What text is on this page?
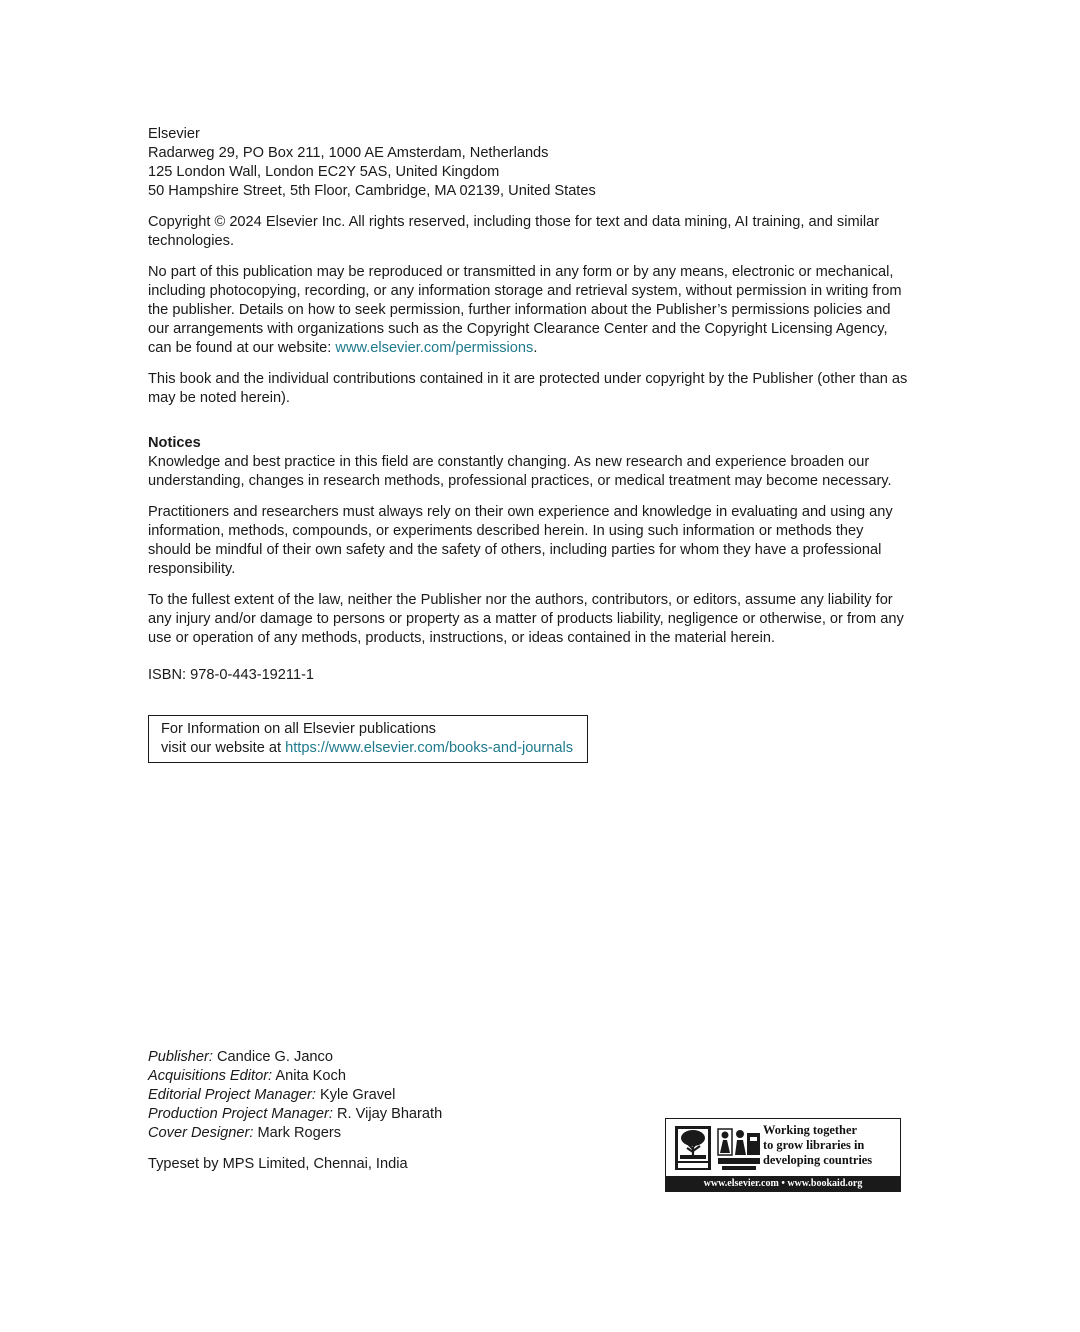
Elsevier

Radarweg 29, PO Box 211, 1000 AE Amsterdam, Netherlands

125 London Wall, London EC2Y 5AS, United Kingdom

50 Hampshire Street, 5th Floor, Cambridge, MA 02139, United States

Copyright © 2024 Elsevier Inc. All rights reserved, including those for text and data mining, AI training, and similar technologies.

No part of this publication may be reproduced or transmitted in any form or by any means, electronic or mechanical, including photocopying, recording, or any information storage and retrieval system, without permission in writing from the publisher. Details on how to seek permission, further information about the Publisher’s permissions policies and our arrangements with organizations such as the Copyright Clearance Center and the Copyright Licensing Agency, can be found at our website: www.elsevier.com/permissions.

This book and the individual contributions contained in it are protected under copyright by the Publisher (other than as may be noted herein).

Notices

Knowledge and best practice in this field are constantly changing. As new research and experience broaden our understanding, changes in research methods, professional practices, or medical treatment may become necessary.

Practitioners and researchers must always rely on their own experience and knowledge in evaluating and using any information, methods, compounds, or experiments described herein. In using such information or methods they should be mindful of their own safety and the safety of others, including parties for whom they have a professional responsibility.

To the fullest extent of the law, neither the Publisher nor the authors, contributors, or editors, assume any liability for any injury and/or damage to persons or property as a matter of products liability, negligence or otherwise, or from any use or operation of any methods, products, instructions, or ideas contained in the material herein.

ISBN: 978-0-443-19211-1

For Information on all Elsevier publications
visit our website at https://www.elsevier.com/books-and-journals

Publisher: Candice G. Janco

Acquisitions Editor: Anita Koch

Editorial Project Manager: Kyle Gravel

Production Project Manager: R. Vijay Bharath

Cover Designer: Mark Rogers

Typeset by MPS Limited, Chennai, India

Working together
to grow libraries in
developing countries
www.elsevier.com • www.bookaid.org
